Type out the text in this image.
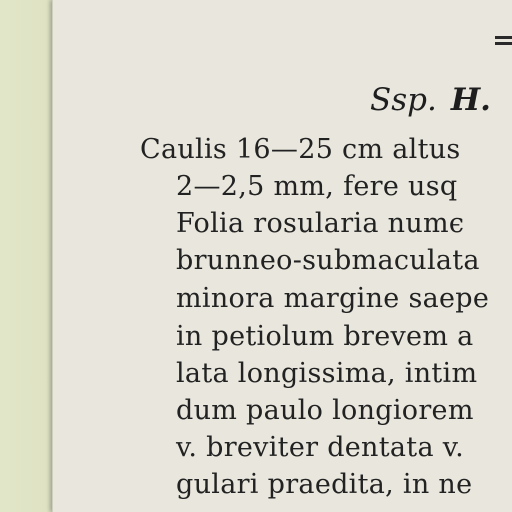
Ssp. H.
Caulis 16—25 cm altus
2—2,5 mm, fere usq
Folia rosularia numє
brunneo-submaculata
minora margine saepe
in petiolum brevem a
lata longissima, intim
dum paulo longiorem
v. breviter dentata v.
gulari praedita, in ne
